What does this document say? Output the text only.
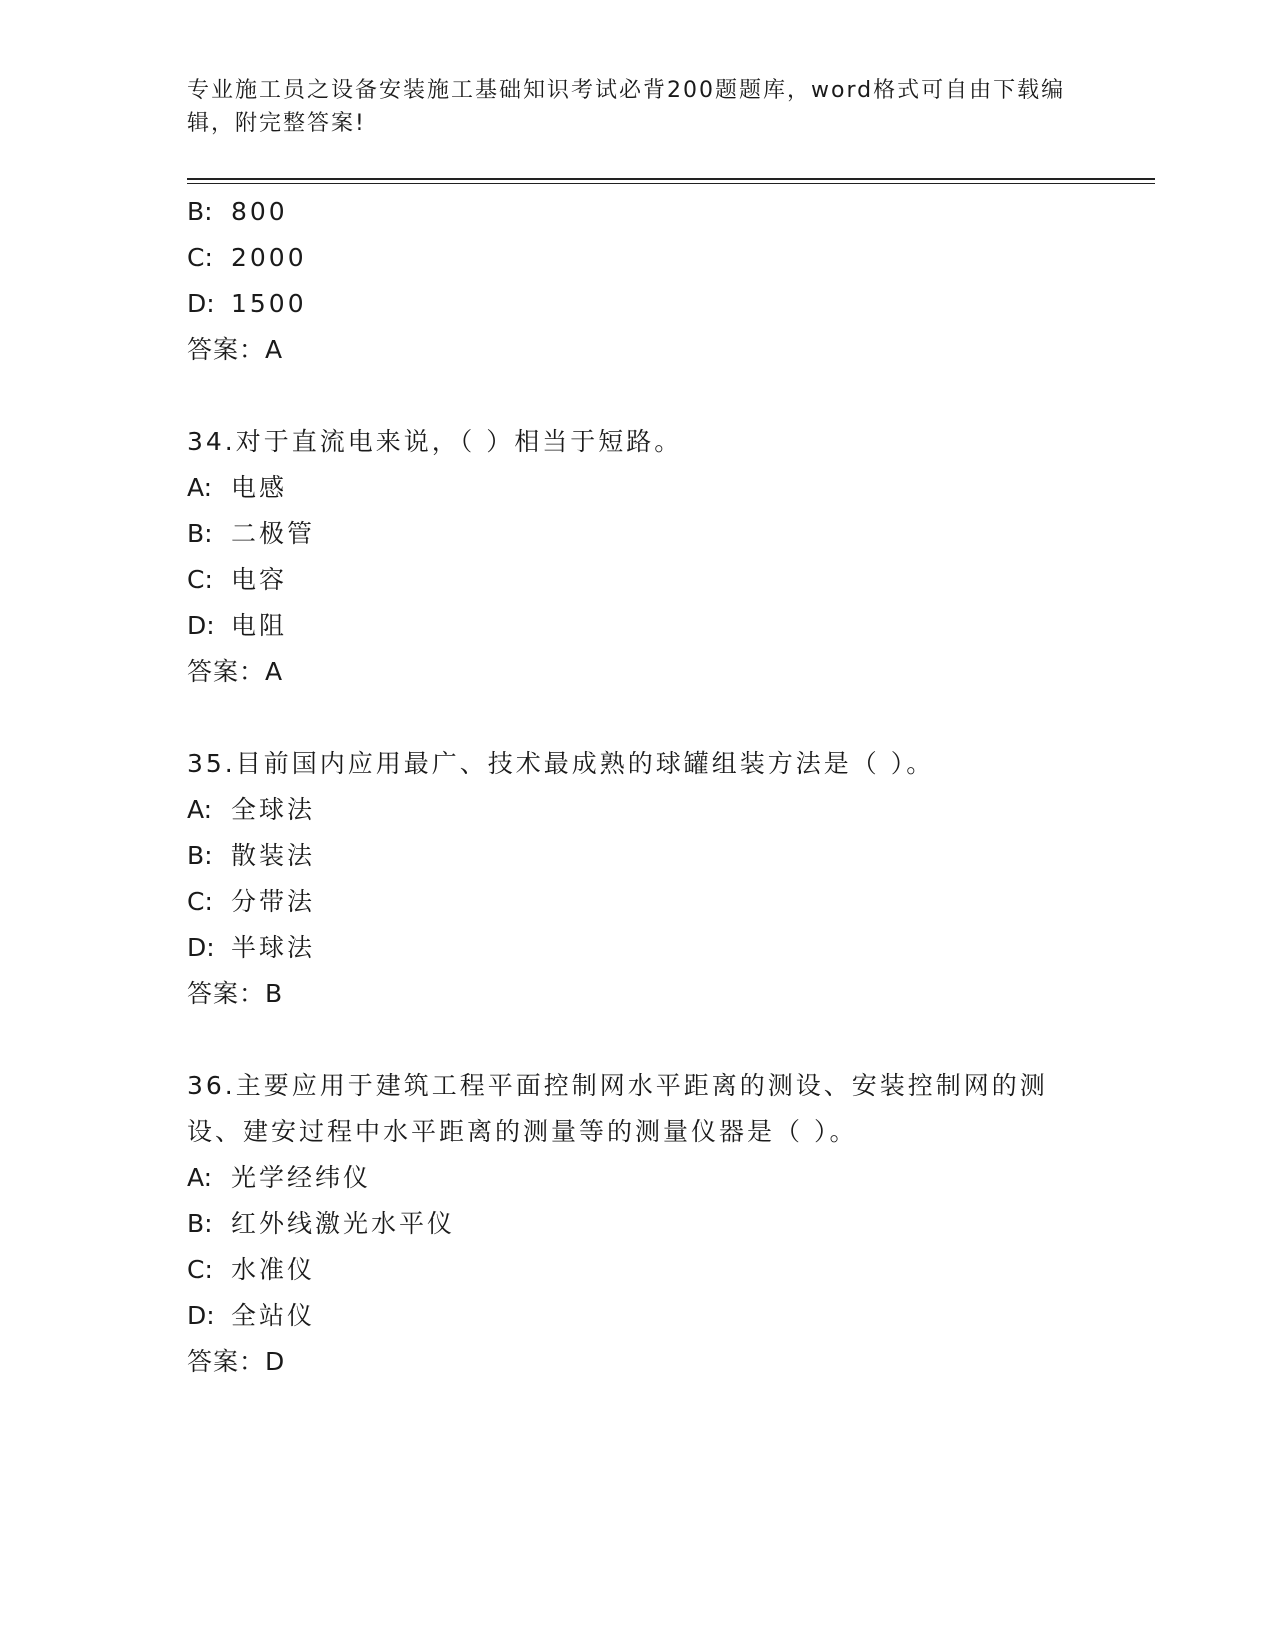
专业施工员之设备安装施工基础知识考试必背200题题库，word格式可自由下载编辑，附完整答案!
B: 800
C: 2000
D: 1500
答案：A
34.对于直流电来说，（ ）相当于短路。
A: 电感
B: 二极管
C: 电容
D: 电阻
答案：A
35.目前国内应用最广、技术最成熟的球罐组装方法是（ ）。
A: 全球法
B: 散装法
C: 分带法
D: 半球法
答案：B
36.主要应用于建筑工程平面控制网水平距离的测设、安装控制网的测设、建安过程中水平距离的测量等的测量仪器是（ ）。
A: 光学经纬仪
B: 红外线激光水平仪
C: 水准仪
D: 全站仪
答案：D
